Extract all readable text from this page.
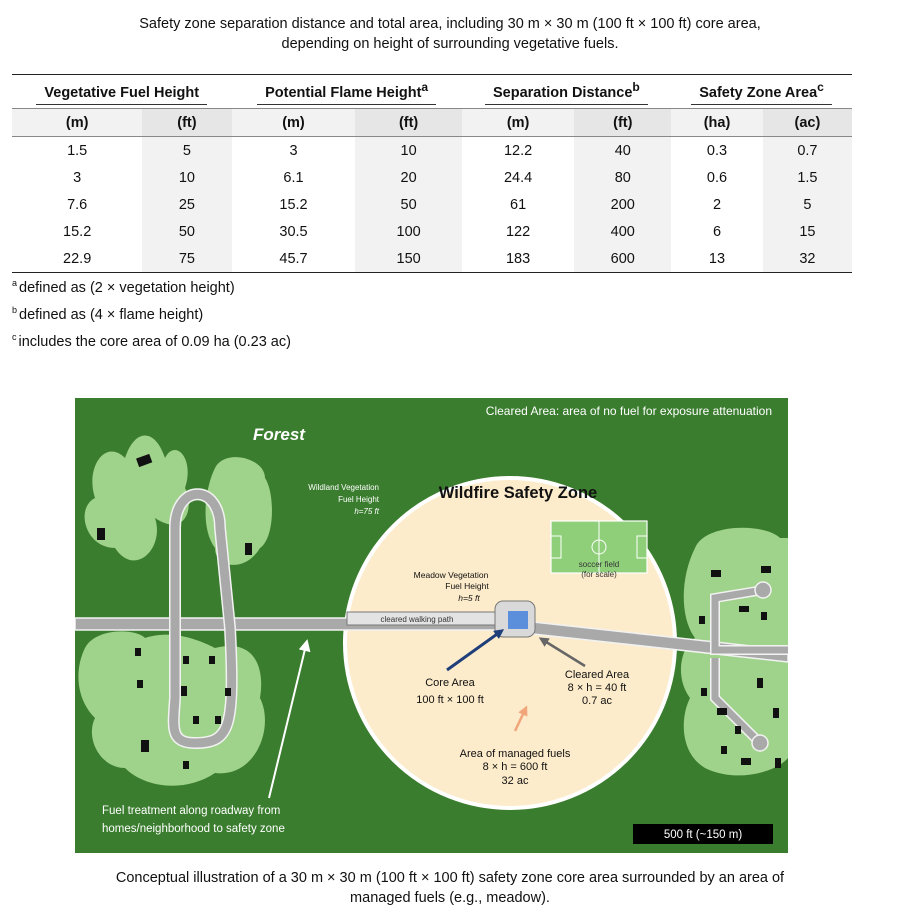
Safety zone separation distance and total area, including 30 m × 30 m (100 ft × 100 ft) core area,
depending on height of surrounding vegetative fuels.
Vegetative Fuel Height		Potential Flame Height$^a$		Separation Distance$^b$		Safety Zone Area$^c$
(m)	(ft)	(m)	(ft)	(m)	(ft)	(ha)	(ac)
1.5	5	3	10	12.2	40	0.3	0.7
3	10	6.1	20	24.4	80	0.6	1.5
7.6	25	15.2	50	61	200	2	5
15.2	50	30.5	100	122	400	6	15
22.9	75	45.7	150	183	600	13	32
$^a$ defined as (2 × vegetation height)
$^b$ defined as (4 × flame height)
$^c$ includes the core area of 0.09 ha (0.23 ac)
Cleared Area: area of no fuel for exposure attenuation
Forest
Wildland Vegetation
Fuel Height
h=75 ft
Wildfire Safety Zone
Meadow Vegetation
Fuel Height
h=5 ft
soccer field
(for scale)
cleared walking path
Core Area
100 ft × 100 ft
Cleared Area
8 × h = 40 ft
0.7 ac
Area of managed fuels
8 × h = 600 ft
32 ac
Fuel treatment along roadway from
homes/neighborhood to safety zone	500 ft (~150 m)
Conceptual illustration of a 30 m × 30 m (100 ft × 100 ft) safety zone core area surrounded by an area of
managed fuels (e.g., meadow).
